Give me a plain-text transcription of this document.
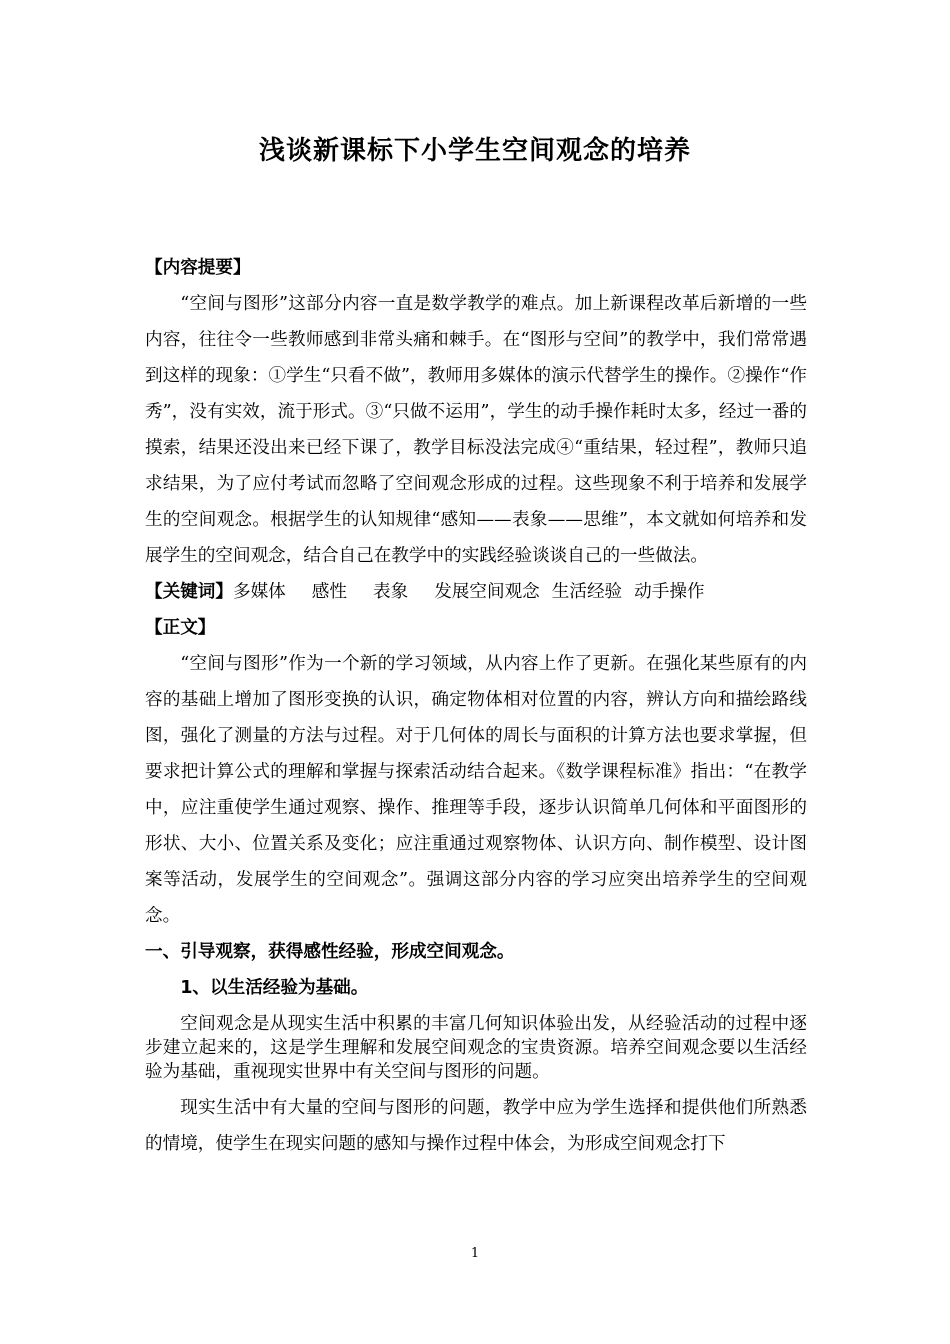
浅谈新课标下小学生空间观念的培养

【内容提要】

“空间与图形”这部分内容一直是数学教学的难点。加上新课程改革后新增的一些内容，往往令一些教师感到非常头痛和棘手。在“图形与空间”的教学中，我们常常遇到这样的现象：①学生“只看不做”，教师用多媒体的演示代替学生的操作。②操作“作秀”，没有实效，流于形式。③“只做不运用”，学生的动手操作耗时太多，经过一番的摸索，结果还没出来已经下课了，教学目标没法完成④“重结果，轻过程”，教师只追求结果，为了应付考试而忽略了空间观念形成的过程。这些现象不利于培养和发展学生的空间观念。根据学生的认知规律“感知——表象——思维”，本文就如何培养和发展学生的空间观念，结合自己在教学中的实践经验谈谈自己的一些做法。

【关键词】多媒体 感性 表象 发展空间观念 生活经验 动手操作

【正文】

“空间与图形”作为一个新的学习领域，从内容上作了更新。在强化某些原有的内容的基础上增加了图形变换的认识，确定物体相对位置的内容，辨认方向和描绘路线图，强化了测量的方法与过程。对于几何体的周长与面积的计算方法也要求掌握，但要求把计算公式的理解和掌握与探索活动结合起来。《数学课程标准》指出：“在教学中，应注重使学生通过观察、操作、推理等手段，逐步认识简单几何体和平面图形的形状、大小、位置关系及变化；应注重通过观察物体、认识方向、制作模型、设计图案等活动，发展学生的空间观念”。强调这部分内容的学习应突出培养学生的空间观念。

一、引导观察，获得感性经验，形成空间观念。

1、以生活经验为基础。

空间观念是从现实生活中积累的丰富几何知识体验出发，从经验活动的过程中逐步建立起来的，这是学生理解和发展空间观念的宝贵资源。培养空间观念要以生活经验为基础，重视现实世界中有关空间与图形的问题。

现实生活中有大量的空间与图形的问题，教学中应为学生选择和提供他们所熟悉的情境，使学生在现实问题的感知与操作过程中体会，为形成空间观念打下

1
